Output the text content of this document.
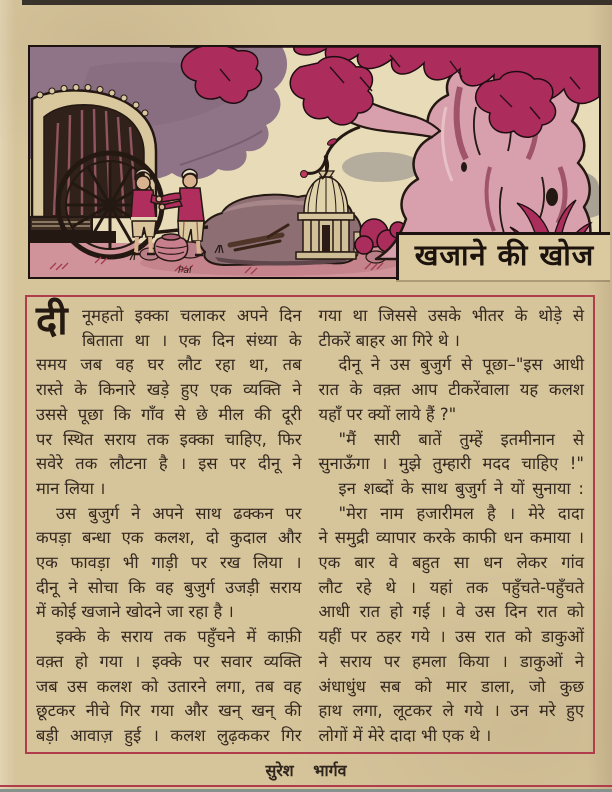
Pal	खजाने की खोज
दी नूमहतो इक्का चलाकर अपने दिन
बिताता था । एक दिन संध्या के
समय जब वह घर लौट रहा था, तब
रास्ते के किनारे खड़े हुए एक व्यक्ति ने
उससे पूछा कि गाँव से छे मील की दूरी
पर स्थित सराय तक इक्का चाहिए, फिर
सवेरे तक लौटना है । इस पर दीनू ने
मान लिया ।
उस बुजुर्ग ने अपने साथ ढक्कन पर
कपड़ा बन्धा एक कलश, दो कुदाल और
एक फावड़ा भी गाड़ी पर रख लिया ।
दीनू ने सोचा कि वह बुजुर्ग उजड़ी सराय
में कोई खजाने खोदने जा रहा है ।
इक्के के सराय तक पहुँचने में काफ़ी
वक़्त हो गया । इक्के पर सवार व्यक्ति
जब उस कलश को उतारने लगा, तब वह
छूटकर नीचे गिर गया और खन् खन् की
बड़ी आवाज़ हुई । कलश लुढ़ककर गिर
गया था जिससे उसके भीतर के थोड़े से
टीकरें बाहर आ गिरे थे ।
दीनू ने उस बुजुर्ग से पूछा–"इस आधी
रात के वक़्त आप टीकरेंवाला यह कलश
यहाँ पर क्यों लाये हैं ?"
"मैं सारी बातें तुम्हें इतमीनान से
सुनाऊँगा । मुझे तुम्हारी मदद चाहिए !"
इन शब्दों के साथ बुजुर्ग ने यों सुनाया :
"मेरा नाम हजारीमल है । मेरे दादा
ने समुद्री व्यापार करके काफी धन कमाया ।
एक बार वे बहुत सा धन लेकर गांव
लौट रहे थे । यहां तक पहुँचते-पहुँचते
आधी रात हो गई । वे उस दिन रात को
यहीं पर ठहर गये । उस रात को डाकुओं
ने सराय पर हमला किया । डाकुओं ने
अंधाधुंध सब को मार डाला, जो कुछ
हाथ लगा, लूटकर ले गये । उन मरे हुए
लोगों में मेरे दादा भी एक थे ।
सुरेश भार्गव
